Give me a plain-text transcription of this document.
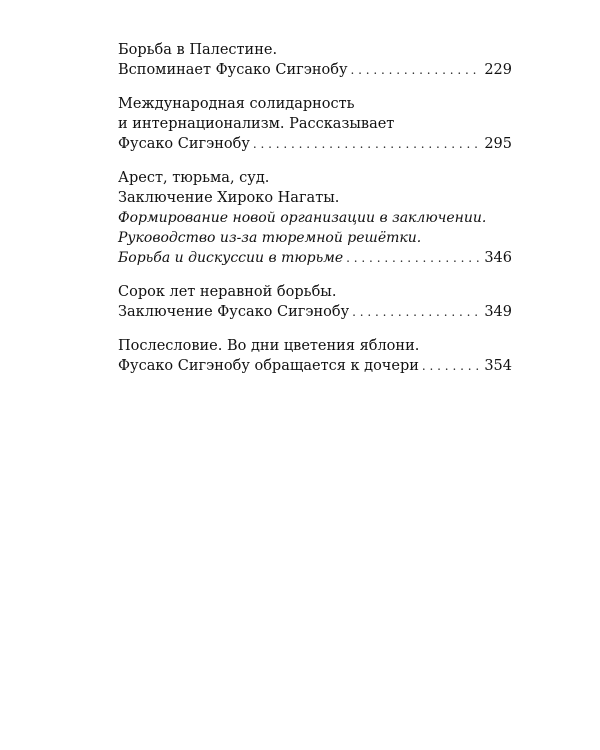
Борьба в Палестине.
Вспоминает Фусако Сигэнобу . . .	229
Международная солидарность
и интернационализм. Рассказывает
Фусако Сигэнобу . . .	295
Арест, тюрьма, суд.
Заключение Хироко Нагаты.
Формирование новой организации в заключении.
Руководство из-за тюремной решётки.
Борьба и дискуссии в тюрьме . . .	346
Сорок лет неравной борьбы.
Заключение Фусако Сигэнобу . . .	349
Послесловие. Во дни цветения яблони.
Фусако Сигэнобу обращается к дочери . . .	354
